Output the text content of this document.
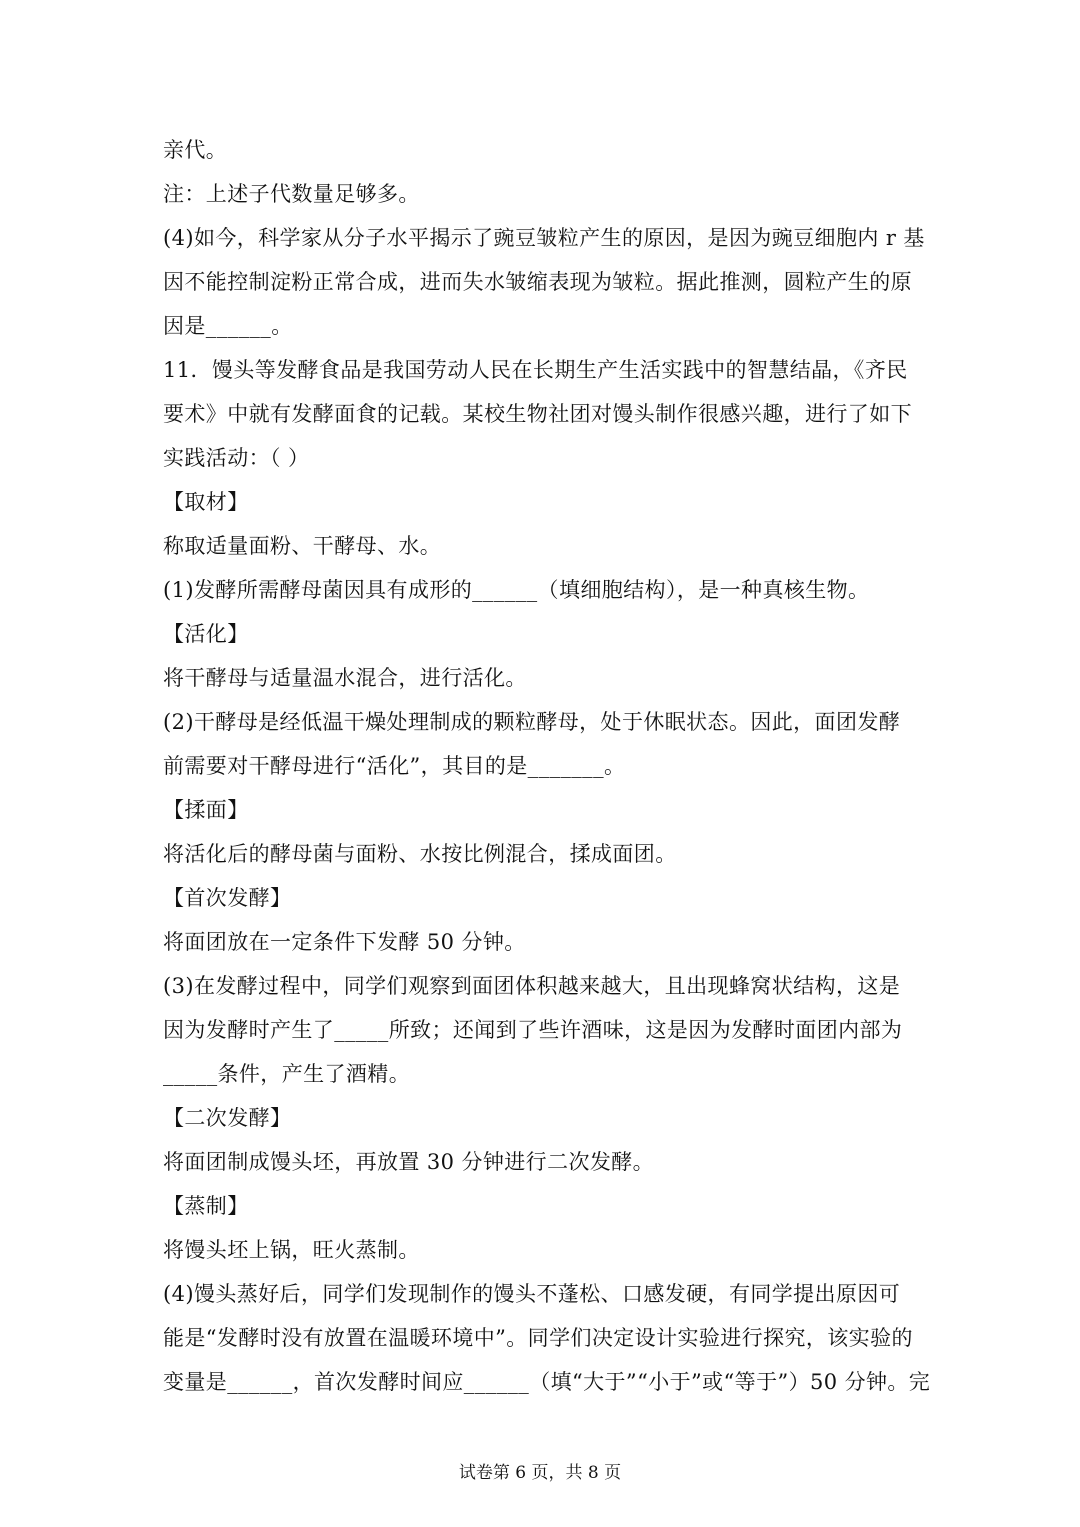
亲代。
注：上述子代数量足够多。
(4)如今，科学家从分子水平揭示了豌豆皱粒产生的原因，是因为豌豆细胞内 r 基
因不能控制淀粉正常合成，进而失水皱缩表现为皱粒。据此推测，圆粒产生的原
因是______。
11．馒头等发酵食品是我国劳动人民在长期生产生活实践中的智慧结晶，《齐民
要术》中就有发酵面食的记载。某校生物社团对馒头制作很感兴趣，进行了如下
实践活动：（ ）
【取材】
称取适量面粉、干酵母、水。
(1)发酵所需酵母菌因具有成形的______（填细胞结构），是一种真核生物。
【活化】
将干酵母与适量温水混合，进行活化。
(2)干酵母是经低温干燥处理制成的颗粒酵母，处于休眠状态。因此，面团发酵
前需要对干酵母进行“活化”，其目的是_______。
【揉面】
将活化后的酵母菌与面粉、水按比例混合，揉成面团。
【首次发酵】
将面团放在一定条件下发酵 50 分钟。
(3)在发酵过程中，同学们观察到面团体积越来越大，且出现蜂窝状结构，这是
因为发酵时产生了_____所致；还闻到了些许酒味，这是因为发酵时面团内部为
_____条件，产生了酒精。
【二次发酵】
将面团制成馒头坯，再放置 30 分钟进行二次发酵。
【蒸制】
将馒头坯上锅，旺火蒸制。
(4)馒头蒸好后，同学们发现制作的馒头不蓬松、口感发硬，有同学提出原因可
能是“发酵时没有放置在温暖环境中”。同学们决定设计实验进行探究，该实验的
变量是______，首次发酵时间应______（填“大于”“小于”或“等于”）50 分钟。完
试卷第 6 页，共 8 页
